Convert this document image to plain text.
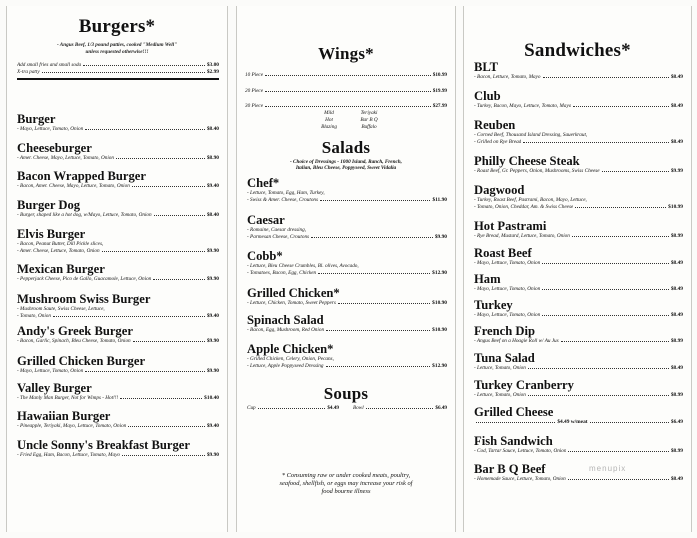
Burgers*
- Angus Beef, 1/3 pound patties, cooked "Medium Well"
unless requested otherwise!!!
Add small fries and small soda	$3.00
X-tra patty	$2.99
Burger
- Mayo, Lettuce, Tomato, Onion	$8.40
Cheeseburger
- Amer. Cheese, Mayo, Lettuce, Tomato, Onion	$8.90
Bacon Wrapped Burger
- Bacon, Amer. Cheese, Mayo, Lettuce, Tomato, Onion	$9.40
Burger Dog
- Burger, shaped like a hot dog, w/Mayo, Lettuce, Tomato, Onion	$8.40
Elvis Burger
- Bacon, Peanut Butter, Dill Pickle slices,
- Amer. Cheese, Lettuce, Tomato, Onion	$9.90
Mexican Burger
- Pepperjack Cheese, Pico de Gallo, Guacamole, Lettuce, Onion	$9.90
Mushroom Swiss Burger
- Mushroom Saute, Swiss Cheese, Lettuce,
- Tomato, Onion	$9.40
Andy's Greek Burger
- Bacon, Garlic, Spinach, Bleu Cheese, Tomato, Onion	$9.90
Grilled Chicken Burger
- Mayo, Lettuce, Tomato, Onion	$9.90
Valley Burger
- The Manly Man Burger, Not for Wimps - Hot!!!	$10.40
Hawaiian Burger
- Pineapple, Teriyaki, Mayo, Lettuce, Tomato, Onion	$9.40
Uncle Sonny's Breakfast Burger
- Fried Egg, Ham, Bacon, Lettuce, Tomato, Mayo	$9.90
Wings*
10 Piece	$10.99
20 Piece	$19.99
30 Piece	$27.99
Mild	Teriyaki
Hot	Bar B Q
Blazing	Buffalo
Salads
- Choice of Dressings - 1000 Island, Ranch, French,
Italian, Bleu Cheese, Poppyseed, Sweet Vidalia
Chef*
- Lettuce, Tomato, Egg, Ham, Turkey,
- Swiss & Amer. Cheese, Croutons	$11.90
Caesar
- Romaine, Caesar dressing,
- Parmesan Cheese, Croutons	$9.90
Cobb*
- Lettuce, Bleu Cheese Crumbles, Bl. olives, Avocado,
- Tomatoes, Bacon, Egg, Chicken	$12.90
Grilled Chicken*
- Lettuce, Chicken, Tomato, Sweet Peppers	$10.90
Spinach Salad
- Bacon, Egg, Mushroom, Red Onion	$10.90
Apple Chicken*
- Grilled Chicken, Celery, Onion, Pecans,
- Lettuce, Apple Poppyseed Dressing	$12.90
Soups
Cup	$4.49	Bowl	$6.49
* Consuming raw or under cooked meats, poultry,
seafood, shellfish, or eggs may increase your risk of
food bourne illness
Sandwiches*
BLT
- Bacon, Lettuce, Tomato, Mayo	$8.49
Club
- Turkey, Bacon, Mayo, Lettuce, Tomato, Mayo	$8.49
Reuben
- Corned Beef, Thousand Island Dressing, Sauerkraut,
- Grilled on Rye Bread	$8.49
Philly Cheese Steak
- Roast Beef, Gr. Peppers, Onion, Mushrooms, Swiss Cheese	$9.99
Dagwood
- Turkey, Roast Beef, Pastrami, Bacon, Mayo, Lettuce,
- Tomato, Onion, Cheddar, Am. & Swiss Cheese	$10.99
Hot Pastrami
- Rye Bread, Mustard, Lettuce, Tomato, Onion	$8.99
Roast Beef
- Mayo, Lettuce, Tomato, Onion	$8.49
Ham
- Mayo, Lettuce, Tomato, Onion	$8.49
Turkey
- Mayo, Lettuce, Tomato, Onion	$8.49
French Dip
- Angus Beef on a Hoagie Roll w/ Au Jus	$8.99
Tuna Salad
- Lettuce, Tomato, Onion	$8.49
Turkey Cranberry
- Lettuce, Tomato, Onion	$8.99
Grilled Cheese
$4.49 w/meat	$6.49
Fish Sandwich
- Cod, Tartar Sauce, Lettuce, Tomato, Onion	$8.99
Bar B Q Beef
- Homemade Sauce, Lettuce, Tomato, Onion	$8.49
menupix
